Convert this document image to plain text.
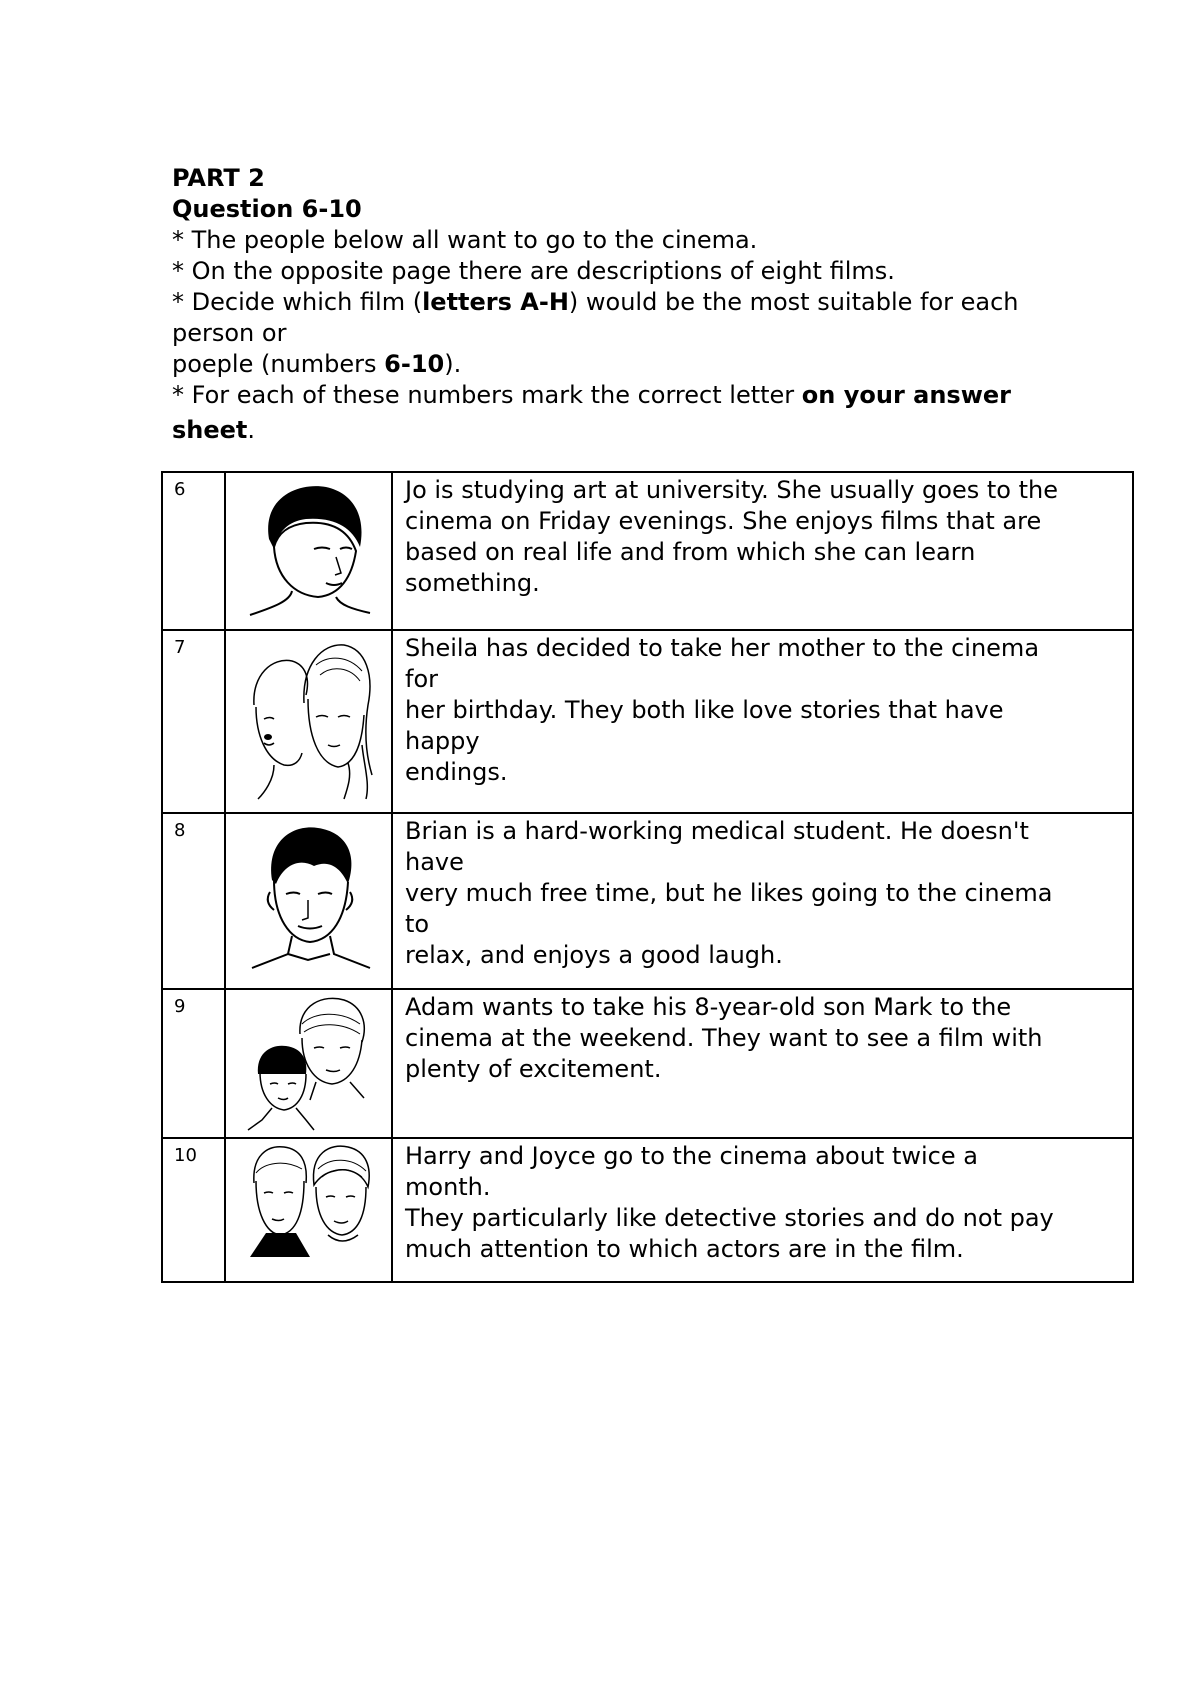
PART 2
Question 6-10
* The people below all want to go to the cinema.
* On the opposite page there are descriptions of eight films.
* Decide which film (letters A-H) would be the most suitable for each
person or
poeple (numbers 6-10).
* For each of these numbers mark the correct letter on your answer
sheet.
6		Jo is studying art at university. She usually goes to the
cinema on Friday evenings. She enjoys films that are
based on real life and from which she can learn
something.

7		Sheila has decided to take her mother to the cinema
for
her birthday. They both like love stories that have
happy
endings.

8		Brian is a hard-working medical student. He doesn't
have
very much free time, but he likes going to the cinema
to
relax, and enjoys a good laugh.

9		Adam wants to take his 8-year-old son Mark to the
cinema at the weekend. They want to see a film with
plenty of excitement.

10		Harry and Joyce go to the cinema about twice a
month.
They particularly like detective stories and do not pay
much attention to which actors are in the film.
